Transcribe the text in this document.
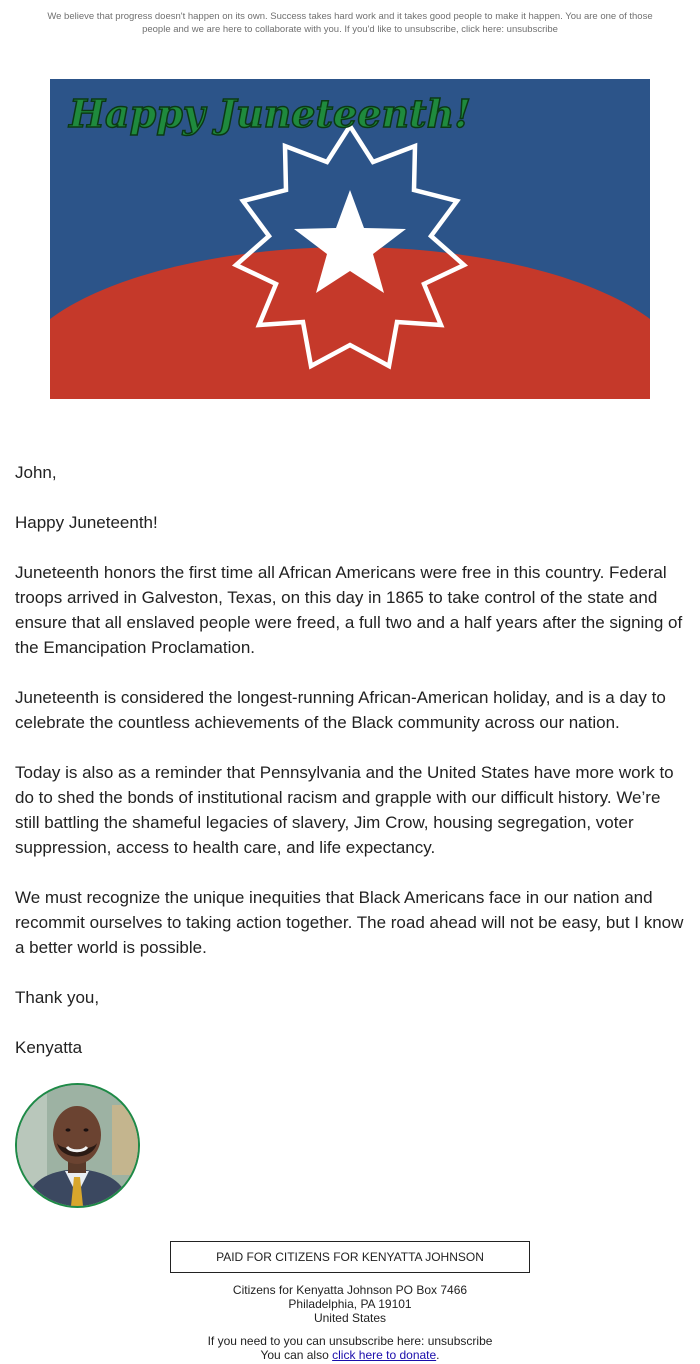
We believe that progress doesn't happen on its own. Success takes hard work and it takes good people to make it happen. You are one of those people and we are here to collaborate with you. If you'd like to unsubscribe, click here: unsubscribe
Happy Juneteenth!

John,

Happy Juneteenth!

Juneteenth honors the first time all African Americans were free in this country. Federal troops arrived in Galveston, Texas, on this day in 1865 to take control of the state and ensure that all enslaved people were freed, a full two and a half years after the signing of the Emancipation Proclamation.

Juneteenth is considered the longest-running African-American holiday, and is a day to celebrate the countless achievements of the Black community across our nation.

Today is also as a reminder that Pennsylvania and the United States have more work to do to shed the bonds of institutional racism and grapple with our difficult history. We’re still battling the shameful legacies of slavery, Jim Crow, housing segregation, voter suppression, access to health care, and life expectancy.

We must recognize the unique inequities that Black Americans face in our nation and recommit ourselves to taking action together. The road ahead will not be easy, but I know a better world is possible.

Thank you,

Kenyatta

PAID FOR CITIZENS FOR KENYATTA JOHNSON
Citizens for Kenyatta Johnson PO Box 7466
Philadelphia, PA 19101
United States
If you need to you can unsubscribe here: unsubscribe
You can also click here to donate.
